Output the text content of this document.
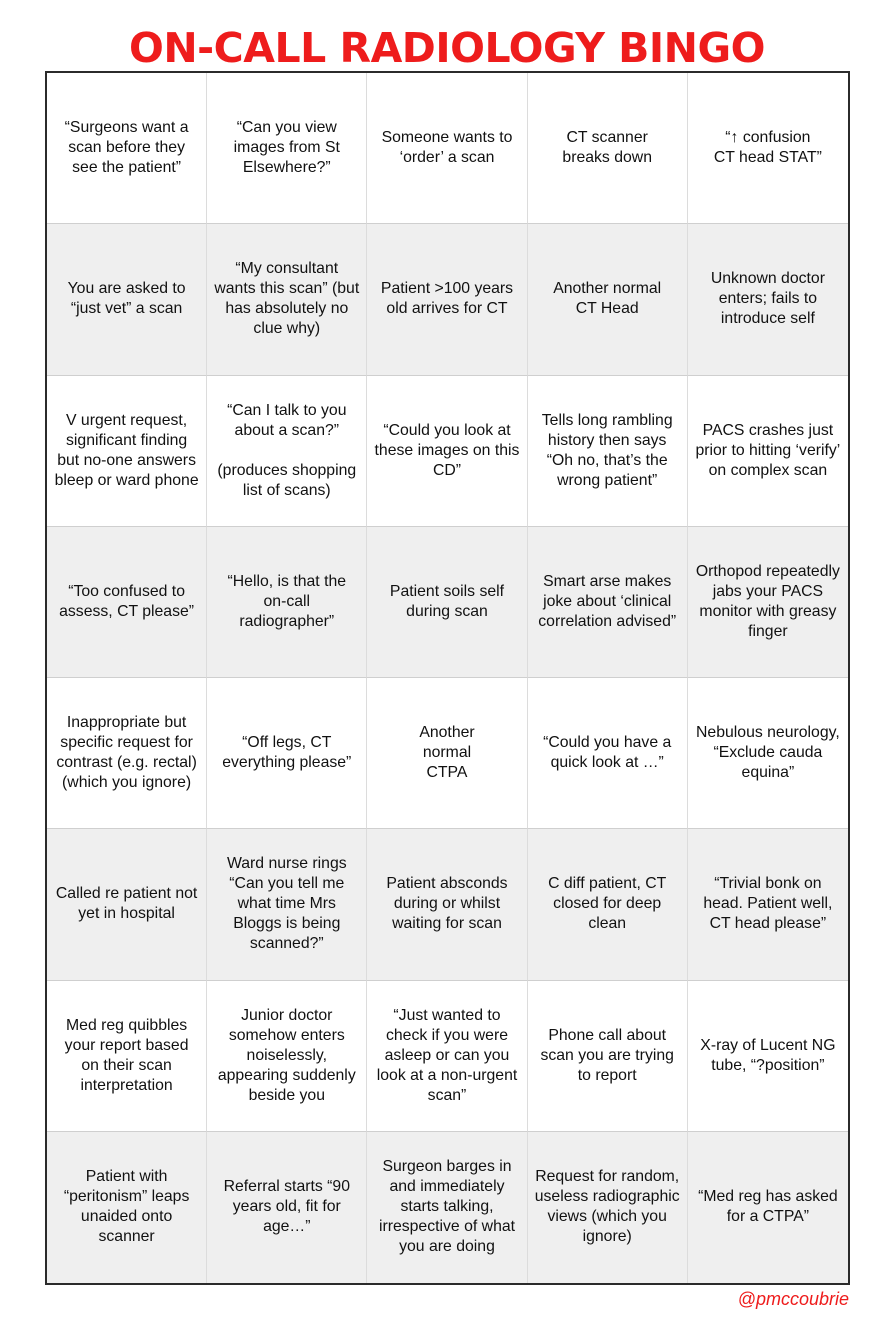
ON-CALL RADIOLOGY BINGO
“Surgeons want a scan before they see the patient”
“Can you view images from St Elsewhere?”
Someone wants to ‘order’ a scan
CT scanner
breaks down
“↑ confusion
CT head STAT”
You are asked to “just vet” a scan
“My consultant wants this scan” (but has absolutely no clue why)
Patient >100 years old arrives for CT
Another normal
CT Head
Unknown doctor enters; fails to introduce self
V urgent request, significant finding but no-one answers bleep or ward phone
“Can I talk to you about a scan?”

(produces shopping list of scans)
“Could you look at these images on this CD”
Tells long rambling history then says “Oh no, that’s the wrong patient”
PACS crashes just prior to hitting ‘verify’ on complex scan
“Too confused to assess, CT please”
“Hello, is that the on-call radiographer”
Patient soils self during scan
Smart arse makes joke about ‘clinical correlation advised”
Orthopod repeatedly jabs your PACS monitor with greasy finger
Inappropriate but specific request for contrast (e.g. rectal)
(which you ignore)
“Off legs, CT everything please”
Another
normal
CTPA
“Could you have a quick look at …”
Nebulous neurology, “Exclude cauda equina”
Called re patient not yet in hospital
Ward nurse rings “Can you tell me what time Mrs Bloggs is being scanned?”
Patient absconds during or whilst waiting for scan
C diff patient, CT closed for deep clean
“Trivial bonk on head. Patient well, CT head please”
Med reg quibbles your report based on their scan interpretation
Junior doctor somehow enters noiselessly, appearing suddenly beside you
“Just wanted to check if you were asleep or can you look at a non-urgent scan”
Phone call about scan you are trying to report
X-ray of Lucent NG tube, “?position”
Patient with “peritonism” leaps unaided onto scanner
Referral starts “90 years old, fit for age…”
Surgeon barges in and immediately starts talking, irrespective of what you are doing
Request for random, useless radiographic views (which you ignore)
“Med reg has asked for a CTPA”
@pmccoubrie
